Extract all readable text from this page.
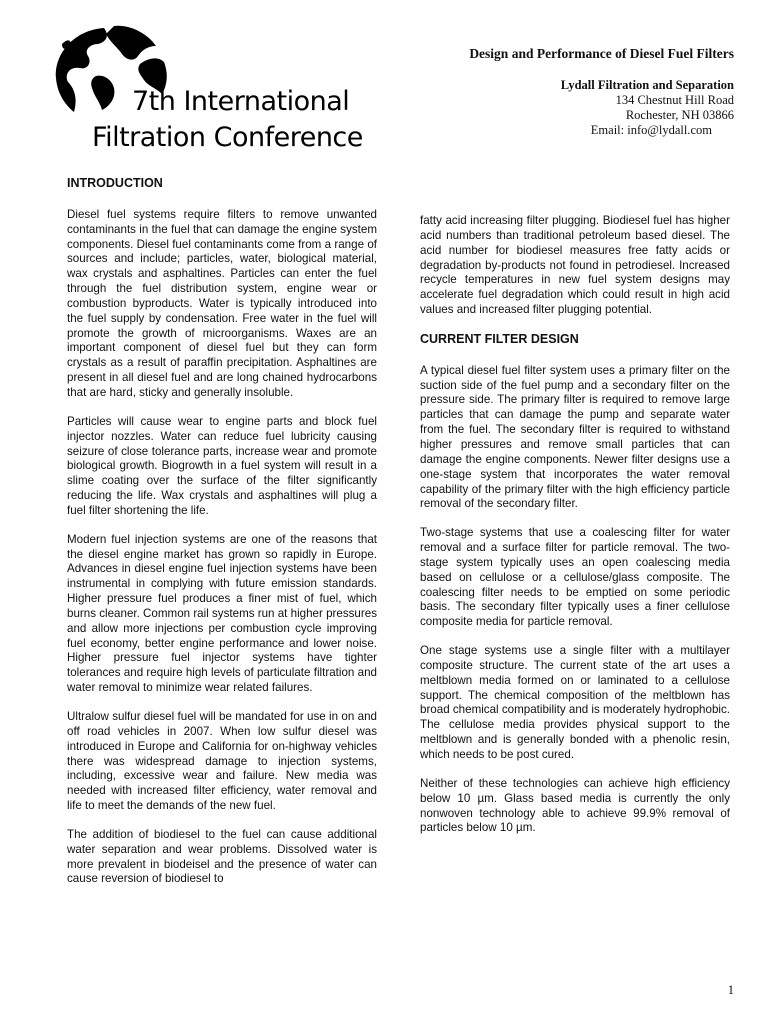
7th International
Filtration Conference
Design and Performance of Diesel Fuel Filters
Lydall Filtration and Separation
134 Chestnut Hill Road
Rochester, NH 03866
Email: info@lydall.com
INTRODUCTION

Diesel fuel systems require filters to remove unwanted contaminants in the fuel that can damage the engine system components. Diesel fuel contaminants come from a range of sources and include; particles, water, biological material, wax crystals and asphaltines. Particles can enter the fuel through the fuel distribution system, engine wear or combustion byproducts. Water is typically introduced into the fuel supply by condensation. Free water in the fuel will promote the growth of microorganisms. Waxes are an important component of diesel fuel but they can form crystals as a result of paraffin precipitation. Asphaltines are present in all diesel fuel and are long chained hydrocarbons that are hard, sticky and generally insoluble.

Particles will cause wear to engine parts and block fuel injector nozzles. Water can reduce fuel lubricity causing seizure of close tolerance parts, increase wear and promote biological growth. Biogrowth in a fuel system will result in a slime coating over the surface of the filter significantly reducing the life. Wax crystals and asphaltines will plug a fuel filter shortening the life.

Modern fuel injection systems are one of the reasons that the diesel engine market has grown so rapidly in Europe. Advances in diesel engine fuel injection systems have been instrumental in complying with future emission standards. Higher pressure fuel produces a finer mist of fuel, which burns cleaner. Common rail systems run at higher pressures and allow more injections per combustion cycle improving fuel economy, better engine performance and lower noise. Higher pressure fuel injector systems have tighter tolerances and require high levels of particulate filtration and water removal to minimize wear related failures.

Ultralow sulfur diesel fuel will be mandated for use in on and off road vehicles in 2007. When low sulfur diesel was introduced in Europe and California for on-highway vehicles there was widespread damage to injection systems, including, excessive wear and failure. New media was needed with increased filter efficiency, water removal and life to meet the demands of the new fuel.

The addition of biodiesel to the fuel can cause additional water separation and wear problems. Dissolved water is more prevalent in biodeisel and the presence of water can cause reversion of biodiesel to

fatty acid increasing filter plugging. Biodiesel fuel has higher acid numbers than traditional petroleum based diesel. The acid number for biodiesel measures free fatty acids or degradation by-products not found in petrodiesel. Increased recycle temperatures in new fuel system designs may accelerate fuel degradation which could result in high acid values and increased filter plugging potential.

CURRENT FILTER DESIGN

A typical diesel fuel filter system uses a primary filter on the suction side of the fuel pump and a secondary filter on the pressure side. The primary filter is required to remove large particles that can damage the pump and separate water from the fuel. The secondary filter is required to withstand higher pressures and remove small particles that can damage the engine components. Newer filter designs use a one-stage system that incorporates the water removal capability of the primary filter with the high efficiency particle removal of the secondary filter.

Two-stage systems that use a coalescing filter for water removal and a surface filter for particle removal. The two-stage system typically uses an open coalescing media based on cellulose or a cellulose/glass composite. The coalescing filter needs to be emptied on some periodic basis. The secondary filter typically uses a finer cellulose composite media for particle removal.

One stage systems use a single filter with a multilayer composite structure. The current state of the art uses a meltblown media formed on or laminated to a cellulose support. The chemical composition of the meltblown has broad chemical compatibility and is moderately hydrophobic. The cellulose media provides physical support to the meltblown and is generally bonded with a phenolic resin, which needs to be post cured.

Neither of these technologies can achieve high efficiency below 10 µm. Glass based media is currently the only nonwoven technology able to achieve 99.9% removal of particles below 10 µm.

1
